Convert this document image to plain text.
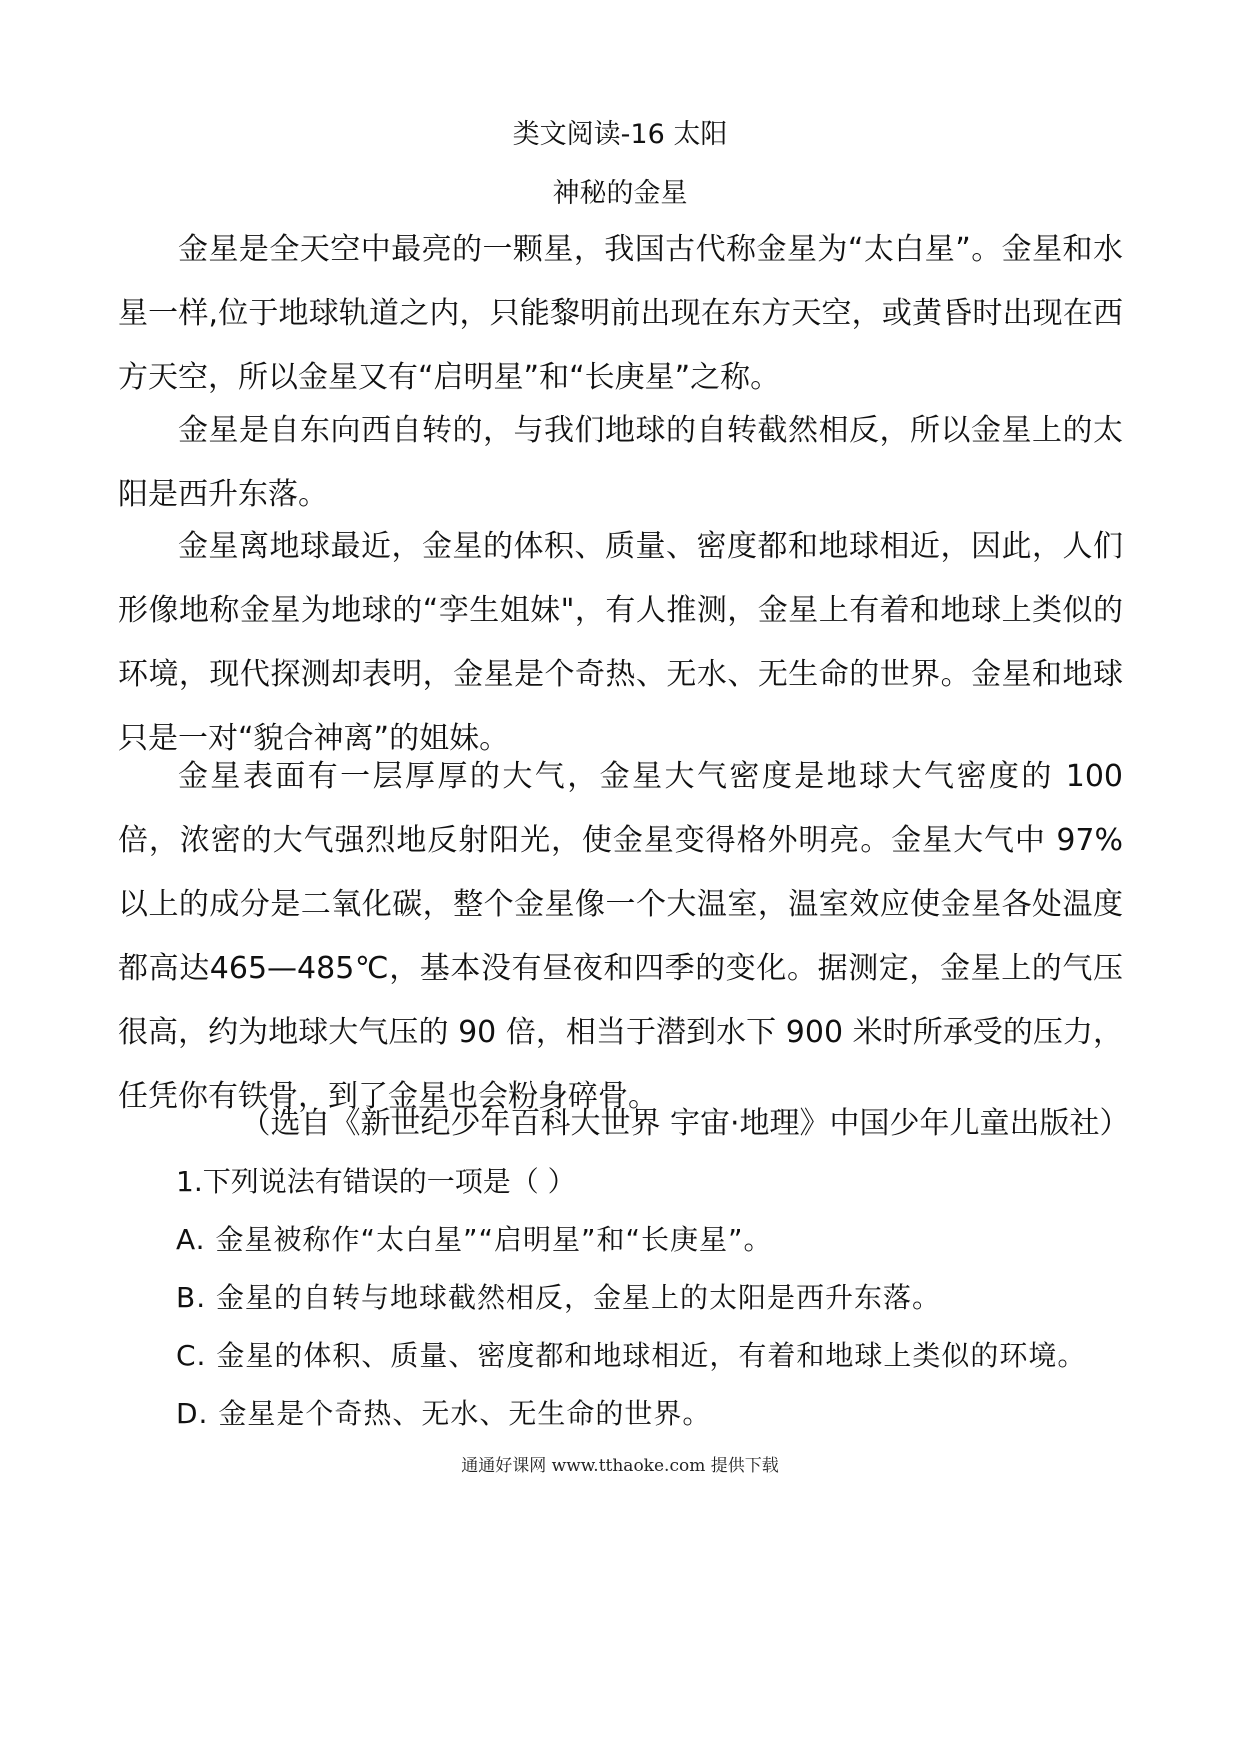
类文阅读-16 太阳
神秘的金星

金星是全天空中最亮的一颗星，我国古代称金星为“太白星”。金星和水星一样,位于地球轨道之内，只能黎明前出现在东方天空，或黄昏时出现在西方天空，所以金星又有“启明星”和“长庚星”之称。

金星是自东向西自转的，与我们地球的自转截然相反，所以金星上的太阳是西升东落。

金星离地球最近，金星的体积、质量、密度都和地球相近，因此，人们形像地称金星为地球的“孪生姐妹"，有人推测，金星上有着和地球上类似的环境，现代探测却表明，金星是个奇热、无水、无生命的世界。金星和地球只是一对“貌合神离”的姐妹。

金星表面有一层厚厚的大气，金星大气密度是地球大气密度的 100 倍，浓密的大气强烈地反射阳光，使金星变得格外明亮。金星大气中 97%以上的成分是二氧化碳，整个金星像一个大温室，温室效应使金星各处温度都高达465—485℃，基本没有昼夜和四季的变化。据测定，金星上的气压很高，约为地球大气压的 90 倍，相当于潜到水下 900 米时所承受的压力，任凭你有铁骨，到了金星也会粉身碎骨。

（选自《新世纪少年百科大世界 宇宙·地理》中国少年儿童出版社）
1.下列说法有错误的一项是（ ）
A. 金星被称作“太白星”“启明星”和“长庚星”。
B. 金星的自转与地球截然相反，金星上的太阳是西升东落。
C. 金星的体积、质量、密度都和地球相近，有着和地球上类似的环境。
D. 金星是个奇热、无水、无生命的世界。
通通好课网 www.tthaoke.com 提供下载
